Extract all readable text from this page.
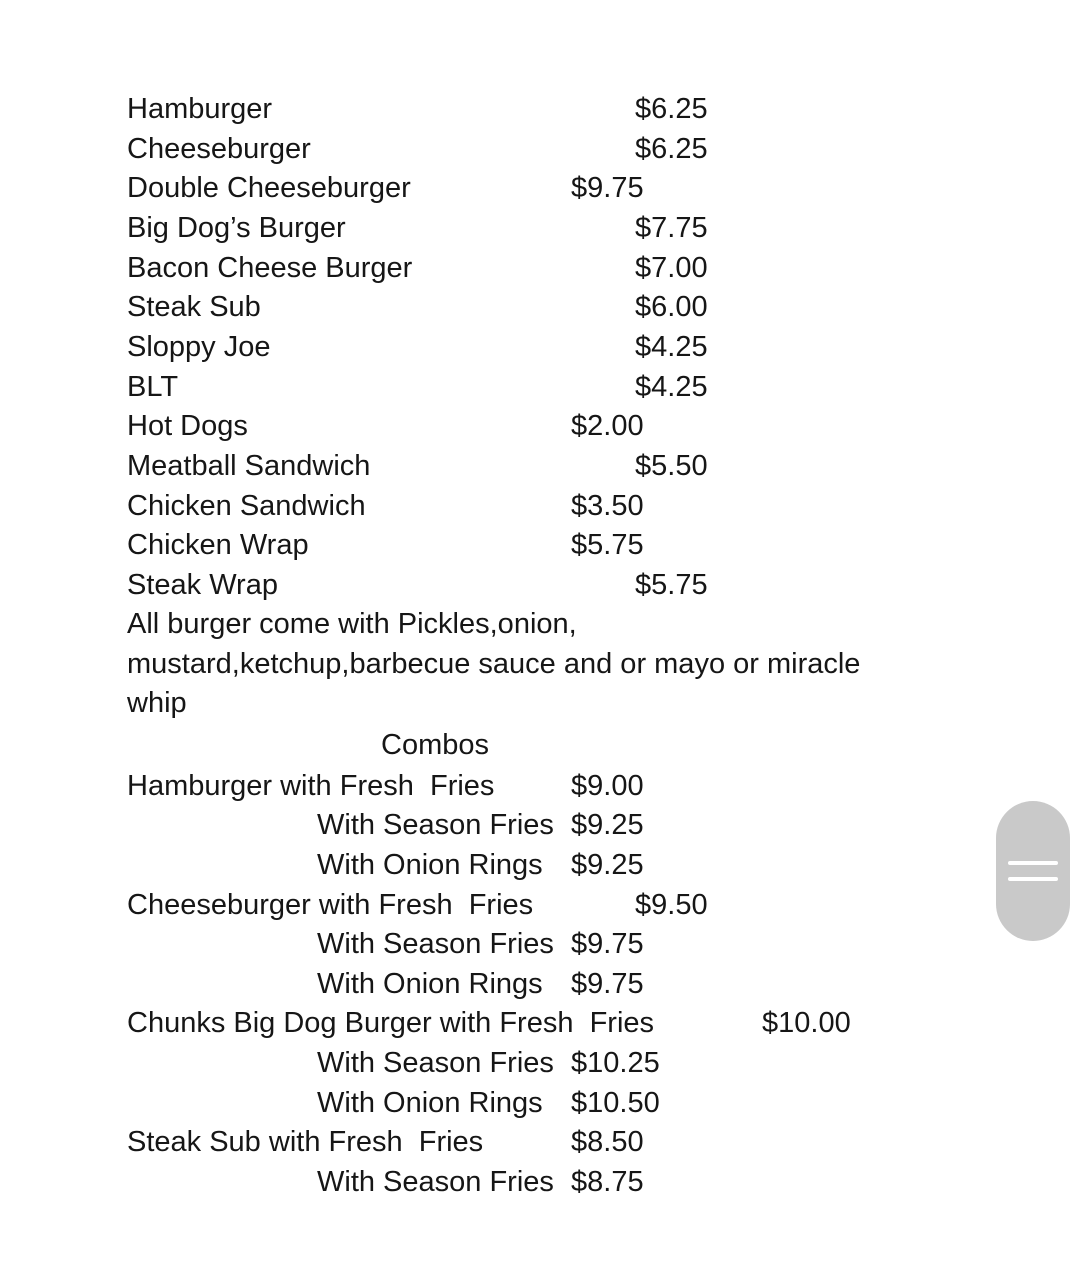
Hamburger	$6.25
Cheeseburger	$6.25
Double Cheeseburger	$9.75
Big Dog’s Burger	$7.75
Bacon Cheese Burger	$7.00
Steak Sub	$6.00
Sloppy Joe	$4.25
BLT	$4.25
Hot Dogs	$2.00
Meatball Sandwich	$5.50
Chicken Sandwich	$3.50
Chicken Wrap	$5.75
Steak Wrap	$5.75
All burger come with Pickles,onion, mustard,ketchup,barbecue sauce and or mayo or miracle whip
Combos
Hamburger with Fresh  Fries	$9.00
With Season Fries $9.25
With Onion Rings $9.25
Cheeseburger with Fresh  Fries	$9.50
With Season Fries $9.75
With Onion Rings $9.75
Chunks Big Dog Burger with Fresh  Fries	$10.00
With Season Fries $10.25
With Onion Rings $10.50
Steak Sub with Fresh  Fries	$8.50
With Season Fries $8.75
